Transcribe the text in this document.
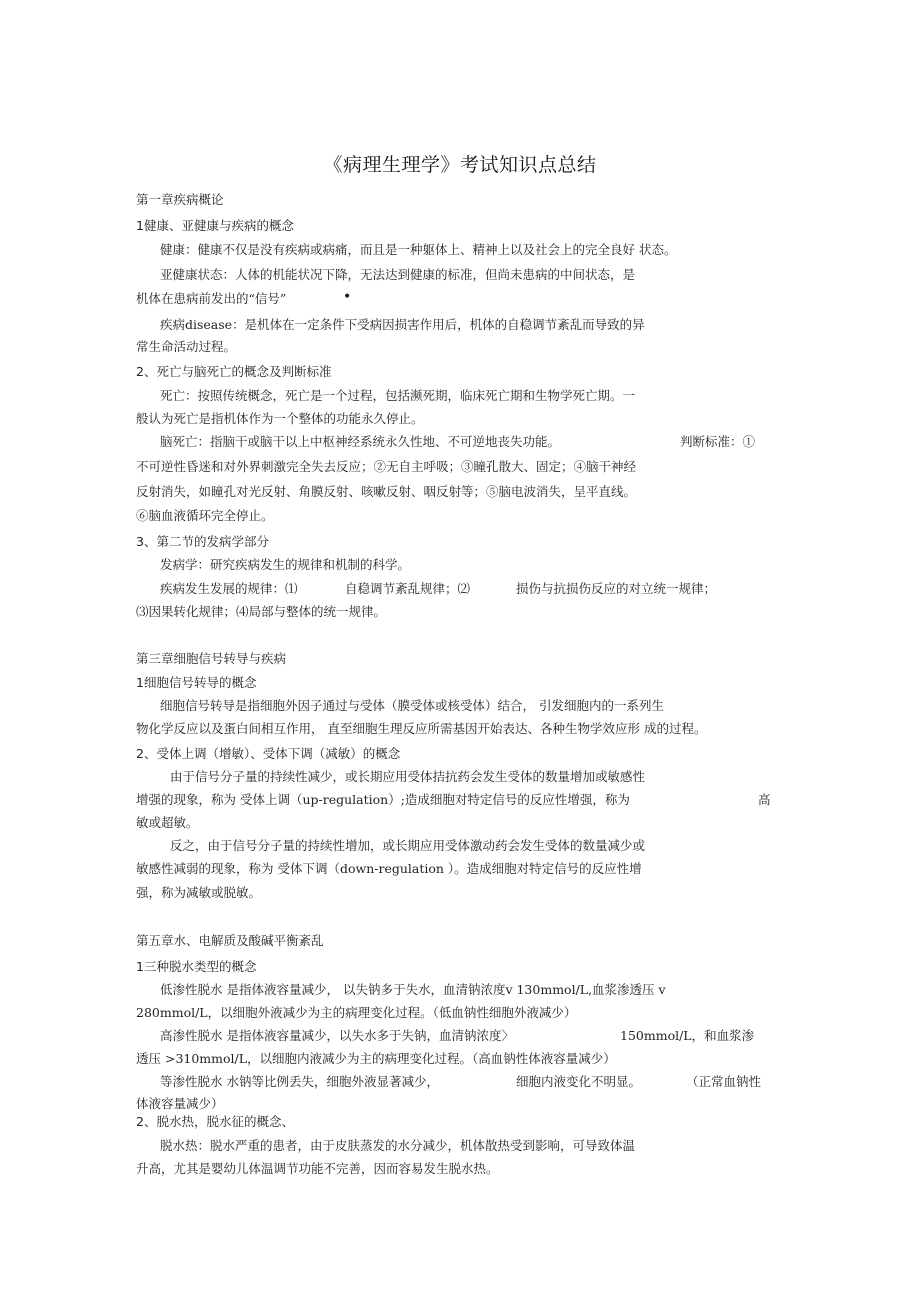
《病理生理学》考试知识点总结
第一章疾病概论
1健康、亚健康与疾病的概念
健康：健康不仅是没有疾病或病痛，而且是一种躯体上、精神上以及社会上的完全良好 状态。
亚健康状态：人体的机能状况下降，无法达到健康的标准，但尚未患病的中间状态，是
机体在患病前发出的“信号”	•
疾病disease：是机体在一定条件下受病因损害作用后，机体的自稳调节紊乱而导致的异
常生命活动过程。
2、死亡与脑死亡的概念及判断标准
死亡：按照传统概念，死亡是一个过程，包括濒死期，临床死亡期和生物学死亡期。一
般认为死亡是指机体作为一个整体的功能永久停止。
脑死亡：指脑干或脑干以上中枢神经系统永久性地、不可逆地丧失功能。	判断标准：①
不可逆性昏迷和对外界刺激完全失去反应；②无自主呼吸；③瞳孔散大、固定；④脑干神经
反射消失，如瞳孔对光反射、角膜反射、咳嗽反射、咽反射等；⑤脑电波消失，呈平直线。
⑥脑血液循环完全停止。
3、第二节的发病学部分
发病学：研究疾病发生的规律和机制的科学。
疾病发生发展的规律：⑴	自稳调节紊乱规律；⑵	损伤与抗损伤反应的对立统一规律；
⑶因果转化规律；⑷局部与整体的统一规律。
第三章细胞信号转导与疾病
1细胞信号转导的概念
细胞信号转导是指细胞外因子通过与受体（膜受体或核受体）结合， 引发细胞内的一系列生
物化学反应以及蛋白间相互作用， 直至细胞生理反应所需基因开始表达、各种生物学效应形 成的过程。
2、受体上调（增敏）、受体下调（减敏）的概念
由于信号分子量的持续性减少，或长期应用受体拮抗药会发生受体的数量增加或敏感性
增强的现象，称为 受体上调（up-regulation）;造成细胞对特定信号的反应性增强，称为	高
敏或超敏。
反之，由于信号分子量的持续性增加，或长期应用受体激动药会发生受体的数量减少或
敏感性减弱的现象，称为 受体下调（down-regulation ）。造成细胞对特定信号的反应性增
强，称为减敏或脱敏。
第五章水、电解质及酸碱平衡紊乱
1三种脱水类型的概念
低渗性脱水 是指体液容量减少， 以失钠多于失水，血清钠浓度v 130mmol/L,血浆渗透压 v
280mmol/L，以细胞外液减少为主的病理变化过程。（低血钠性细胞外液减少）
高渗性脱水 是指体液容量减少，以失水多于失钠，血清钠浓度〉	150mmol/L，和血浆渗
透压 >310mmol/L，以细胞内液减少为主的病理变化过程。（高血钠性体液容量减少）
等渗性脱水 水钠等比例丢失，细胞外液显著减少，	细胞内液变化不明显。	（正常血钠性
体液容量减少）
2、脱水热，脱水征的概念、
脱水热：脱水严重的患者，由于皮肤蒸发的水分减少，机体散热受到影响，可导致体温
升高，尤其是婴幼儿体温调节功能不完善，因而容易发生脱水热。
